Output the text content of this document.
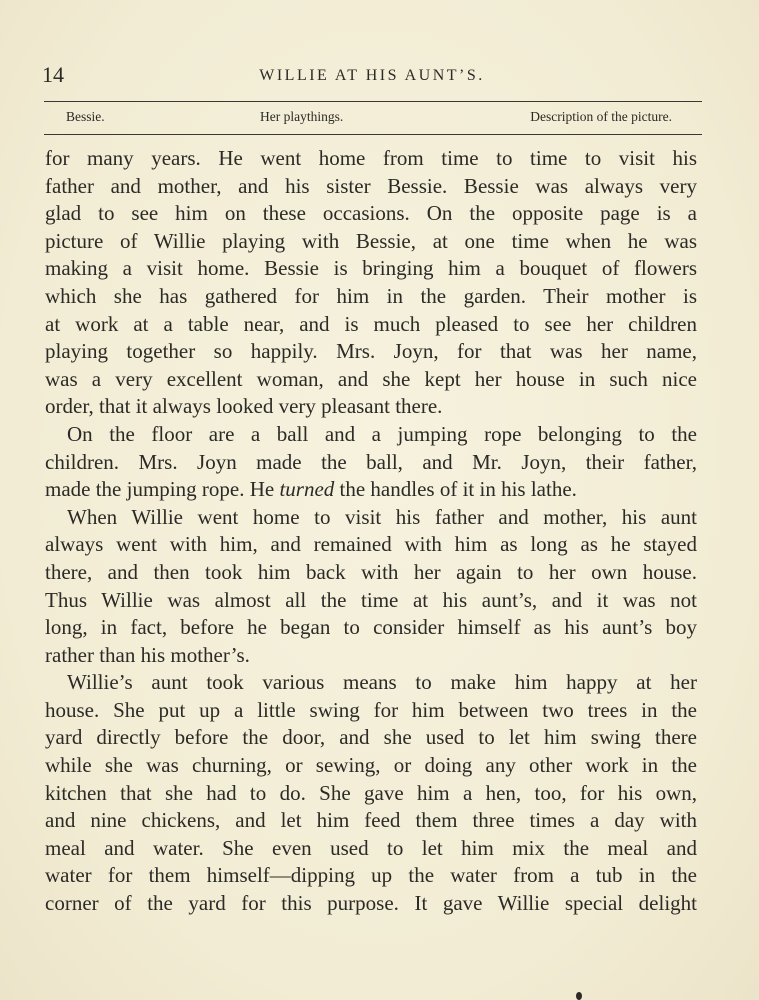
14	WILLIE AT HIS AUNT’S.
Bessie.	Her playthings.	Description of the picture.
for many years. He went home from time to time to visit his
father and mother, and his sister Bessie. Bessie was always very
glad to see him on these occasions. On the opposite page is a
picture of Willie playing with Bessie, at one time when he was
making a visit home. Bessie is bringing him a bouquet of flowers
which she has gathered for him in the garden. Their mother is
at work at a table near, and is much pleased to see her children
playing together so happily. Mrs. Joyn, for that was her name,
was a very excellent woman, and she kept her house in such nice
order, that it always looked very pleasant there.
On the floor are a ball and a jumping rope belonging to the
children. Mrs. Joyn made the ball, and Mr. Joyn, their father,
made the jumping rope. He turned the handles of it in his lathe.
When Willie went home to visit his father and mother, his aunt
always went with him, and remained with him as long as he stayed
there, and then took him back with her again to her own house.
Thus Willie was almost all the time at his aunt’s, and it was not
long, in fact, before he began to consider himself as his aunt’s boy
rather than his mother’s.
Willie’s aunt took various means to make him happy at her
house. She put up a little swing for him between two trees in the
yard directly before the door, and she used to let him swing there
while she was churning, or sewing, or doing any other work in the
kitchen that she had to do. She gave him a hen, too, for his own,
and nine chickens, and let him feed them three times a day with
meal and water. She even used to let him mix the meal and
water for them himself—dipping up the water from a tub in the
corner of the yard for this purpose. It gave Willie special delight
